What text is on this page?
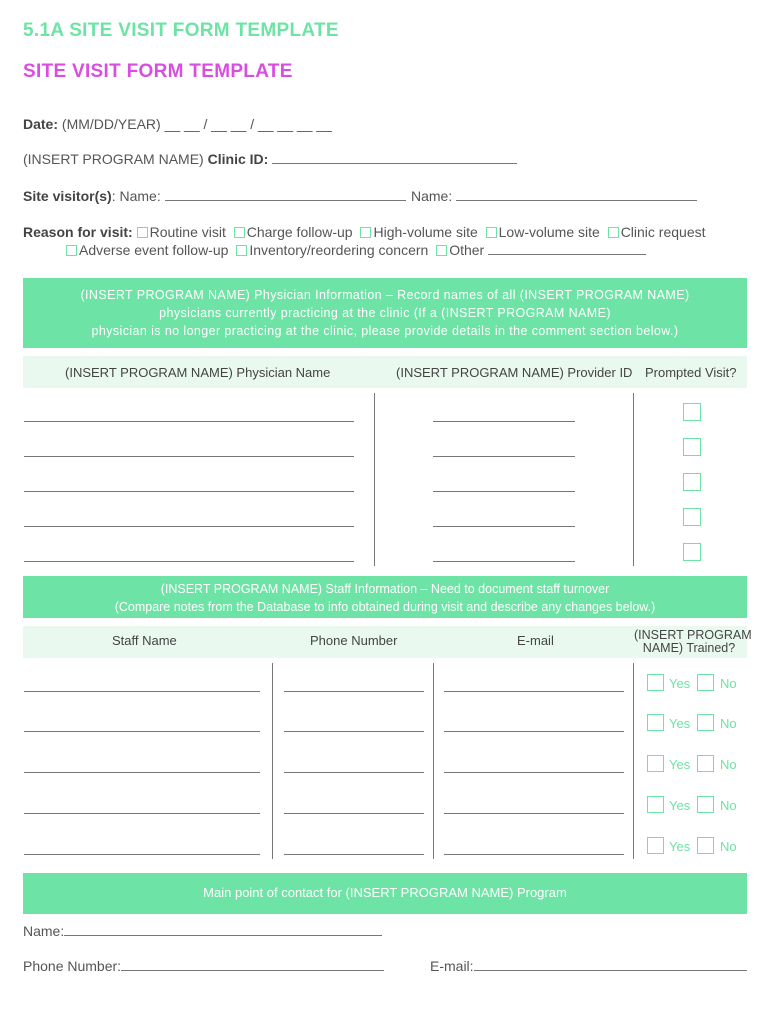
5.1A SITE VISIT FORM TEMPLATE
SITE VISIT FORM TEMPLATE
Date: (MM/DD/YEAR) __ __ / __ __ / __ __ __ __
(INSERT PROGRAM NAME) Clinic ID:
Site visitor(s): Name:	Name:
Reason for visit: Routine visit Charge follow-up High-volume site Low-volume site Clinic request
Adverse event follow-up Inventory/reordering concern Other
(INSERT PROGRAM NAME) Physician Information – Record names of all (INSERT PROGRAM NAME)
physicians currently practicing at the clinic (If a (INSERT PROGRAM NAME)
physician is no longer practicing at the clinic, please provide details in the comment section below.)
(INSERT PROGRAM NAME) Physician Name	(INSERT PROGRAM NAME) Provider ID Prompted Visit?
(INSERT PROGRAM NAME) Staff Information – Need to document staff turnover
(Compare notes from the Database to info obtained during visit and describe any changes below.)
Staff Name	Phone Number	E-mail	(INSERT PROGRAM
NAME) Trained?
Yes No
Yes No
Yes No
Yes No
Yes No
Main point of contact for (INSERT PROGRAM NAME) Program
Name:
Phone Number:	E-mail:
